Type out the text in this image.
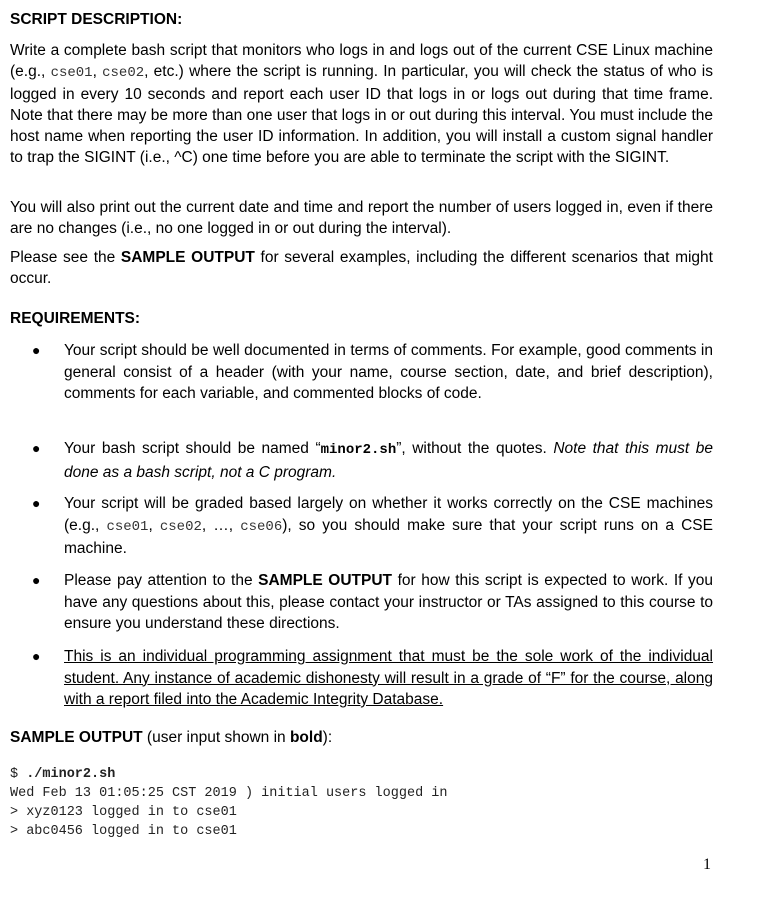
SCRIPT DESCRIPTION:

Write a complete bash script that monitors who logs in and logs out of the current CSE Linux machine (e.g., cse01, cse02, etc.) where the script is running. In particular, you will check the status of who is logged in every 10 seconds and report each user ID that logs in or logs out during that time frame. Note that there may be more than one user that logs in or out during this interval. You must include the host name when reporting the user ID information. In addition, you will install a custom signal handler to trap the SIGINT (i.e., ^C) one time before you are able to terminate the script with the SIGINT.

You will also print out the current date and time and report the number of users logged in, even if there are no changes (i.e., no one logged in or out during the interval).

Please see the SAMPLE OUTPUT for several examples, including the different scenarios that might occur.

REQUIREMENTS:
● Your script should be well documented in terms of comments. For example, good comments in general consist of a header (with your name, course section, date, and brief description), comments for each variable, and commented blocks of code.

● Your bash script should be named “minor2.sh”, without the quotes. Note that this must be done as a bash script, not a C program.

● Your script will be graded based largely on whether it works correctly on the CSE machines (e.g., cse01, cse02, …, cse06), so you should make sure that your script runs on a CSE machine.

● Please pay attention to the SAMPLE OUTPUT for how this script is expected to work. If you have any questions about this, please contact your instructor or TAs assigned to this course to ensure you understand these directions.

● This is an individual programming assignment that must be the sole work of the individual student. Any instance of academic dishonesty will result in a grade of “F” for the course, along with a report filed into the Academic Integrity Database.

SAMPLE OUTPUT (user input shown in bold):

$ ./minor2.sh
Wed Feb 13 01:05:25 CST 2019 ) initial users logged in
> xyz0123 logged in to cse01
> abc0456 logged in to cse01
1
